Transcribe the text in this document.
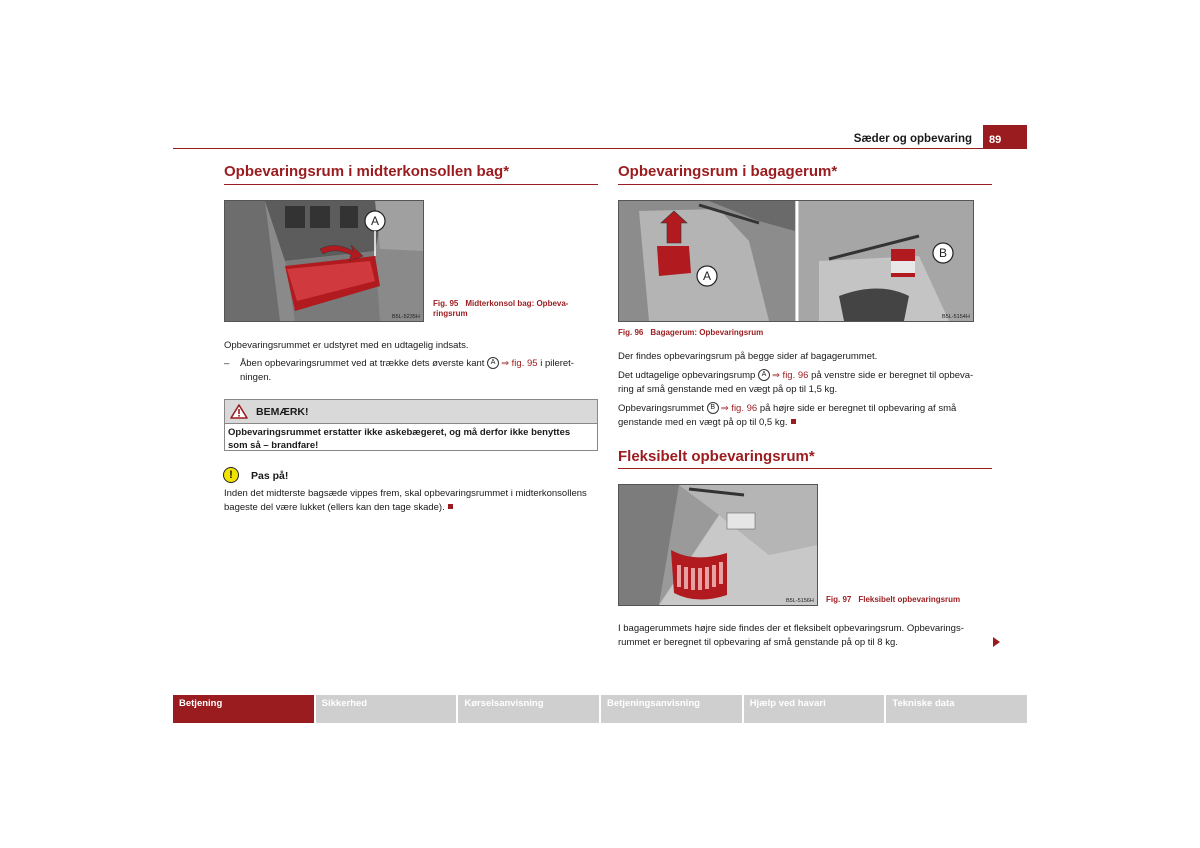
Sæder og opbevaring	89
Opbevaringsrum i midterkonsollen bag*
A
B5L-5235H
Fig. 95 Midterkonsol bag: Opbeva-
ringsrum
Opbevaringsrummet er udstyret med en udtagelig indsats.
– Åben opbevaringsrummet ved at trække dets øverste kant A ⇒ fig. 95 i pileret-
ningen.
BEMÆRK!
Opbevaringsrummet erstatter ikke askebægeret, og må derfor ikke benyttes
som så – brandfare!
!	Pas på!
Inden det midterste bagsæde vippes frem, skal opbevaringsrummet i midterkonsollens
bageste del være lukket (ellers kan den tage skade).
Opbevaringsrum i bagagerum*
A
B
B5L-5154H
Fig. 96 Bagagerum: Opbevaringsrum
Der findes opbevaringsrum på begge sider af bagagerummet.
Det udtagelige opbevaringsrump A ⇒ fig. 96 på venstre side er beregnet til opbeva-
ring af små genstande med en vægt på op til 1,5 kg.
Opbevaringsrummet B ⇒ fig. 96 på højre side er beregnet til opbevaring af små
genstande med en vægt på op til 0,5 kg.
Fleksibelt opbevaringsrum*
B5L-5156H Fig. 97 Fleksibelt opbevaringsrum
I bagagerummets højre side findes der et fleksibelt opbevaringsrum. Opbevarings-
rummet er beregnet til opbevaring af små genstande på op til 8 kg.
Betjening	Sikkerhed	Kørselsanvisning	Betjeningsanvisning	Hjælp ved havari	Tekniske data
